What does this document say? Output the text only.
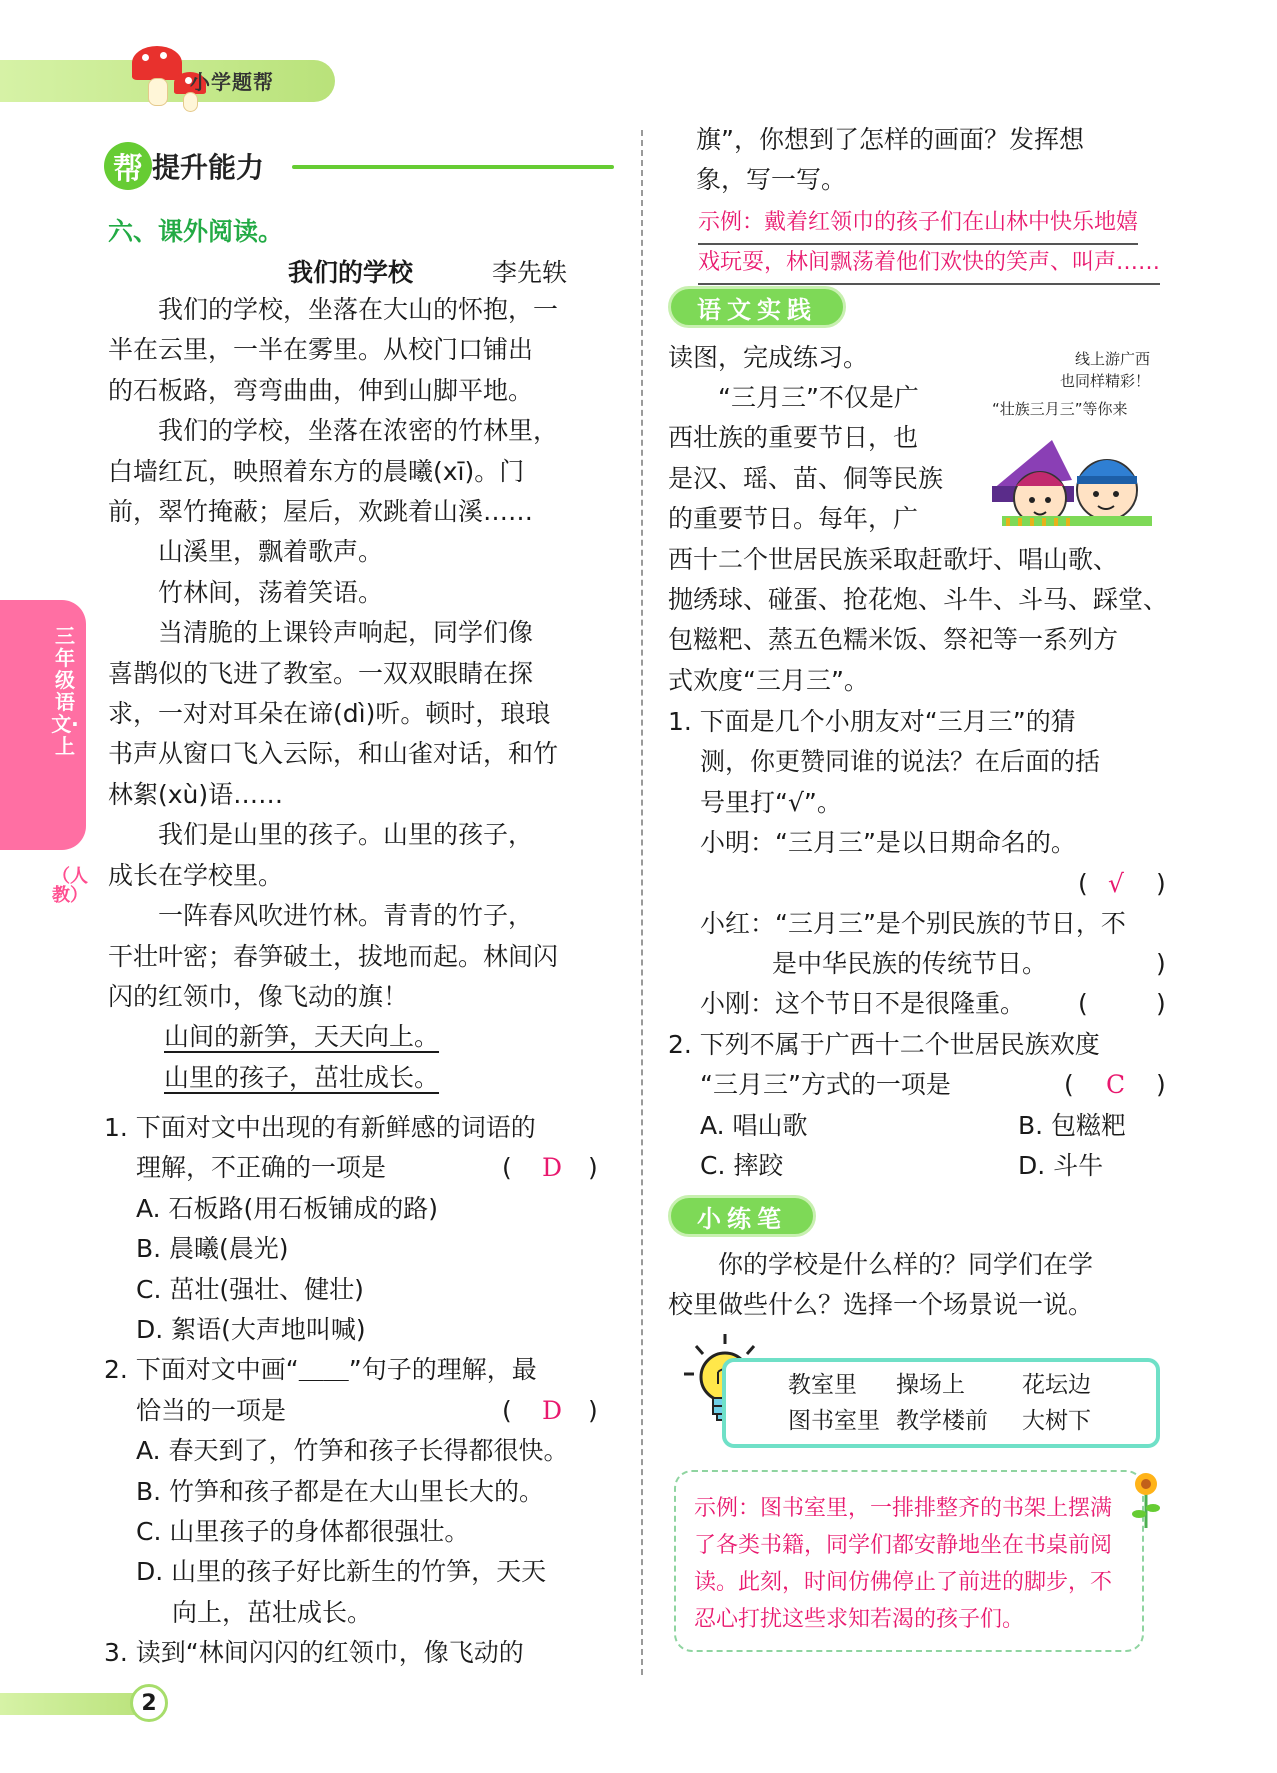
小学题帮
帮 提升能力
三年级语文·上
（人教）
六、课外阅读。
我们的学校	李先轶
　　我们的学校，坐落在大山的怀抱，一
半在云里，一半在雾里。从校门口铺出
的石板路，弯弯曲曲，伸到山脚平地。
　　我们的学校，坐落在浓密的竹林里，
白墙红瓦，映照着东方的晨曦(xī)。门
前，翠竹掩蔽；屋后，欢跳着山溪……
　　山溪里，飘着歌声。
　　竹林间，荡着笑语。
　　当清脆的上课铃声响起，同学们像
喜鹊似的飞进了教室。一双双眼睛在探
求，一对对耳朵在谛(dì)听。顿时，琅琅
书声从窗口飞入云际，和山雀对话，和竹
林絮(xù)语……
　　我们是山里的孩子。山里的孩子，
成长在学校里。
　　一阵春风吹进竹林。青青的竹子，
干壮叶密；春笋破土，拔地而起。林间闪
闪的红领巾，像飞动的旗！
山间的新笋，天天向上。
山里的孩子，茁壮成长。
1. 下面对文中出现的有新鲜感的词语的
理解，不正确的一项是	( D )
A. 石板路(用石板铺成的路)
B. 晨曦(晨光)
C. 茁壮(强壮、健壮)
D. 絮语(大声地叫喊)
2. 下面对文中画“＿＿”句子的理解，最
恰当的一项是	( D )
A. 春天到了，竹笋和孩子长得都很快。
B. 竹笋和孩子都是在大山里长大的。
C. 山里孩子的身体都很强壮。
D. 山里的孩子好比新生的竹笋，天天
向上，茁壮成长。
3. 读到“林间闪闪的红领巾，像飞动的
旗”，你想到了怎样的画面？发挥想
象，写一写。
示例：戴着红领巾的孩子们在山林中快乐地嬉
戏玩耍，林间飘荡着他们欢快的笑声、叫声……
语文实践
读图，完成练习。	线上游广西
也同样精彩！
“壮族三月三”等你来
　　“三月三”不仅是广
西壮族的重要节日，也
是汉、瑶、苗、侗等民族
的重要节日。每年，广
西十二个世居民族采取赶歌圩、唱山歌、
抛绣球、碰蛋、抢花炮、斗牛、斗马、踩堂、
包糍粑、蒸五色糯米饭、祭祀等一系列方
式欢度“三月三”。
1. 下面是几个小朋友对“三月三”的猜
测，你更赞同谁的说法？在后面的括
号里打“√”。
小明：“三月三”是以日期命名的。
( √ )
小红：“三月三”是个别民族的节日，不
是中华民族的传统节日。	)
小刚：这个节日不是很隆重。 (	)
2. 下列不属于广西十二个世居民族欢度
“三月三”方式的一项是	( C )
A. 唱山歌	B. 包糍粑
C. 摔跤	D. 斗牛
小练笔
　　你的学校是什么样的？同学们在学
校里做些什么？选择一个场景说一说。
教室里 操场上 花坛边
图书室里 教学楼前 大树下
示例：图书室里，一排排整齐的书架上摆满了各类书籍，同学们都安静地坐在书桌前阅读。此刻，时间仿佛停止了前进的脚步，不忍心打扰这些求知若渴的孩子们。
2
